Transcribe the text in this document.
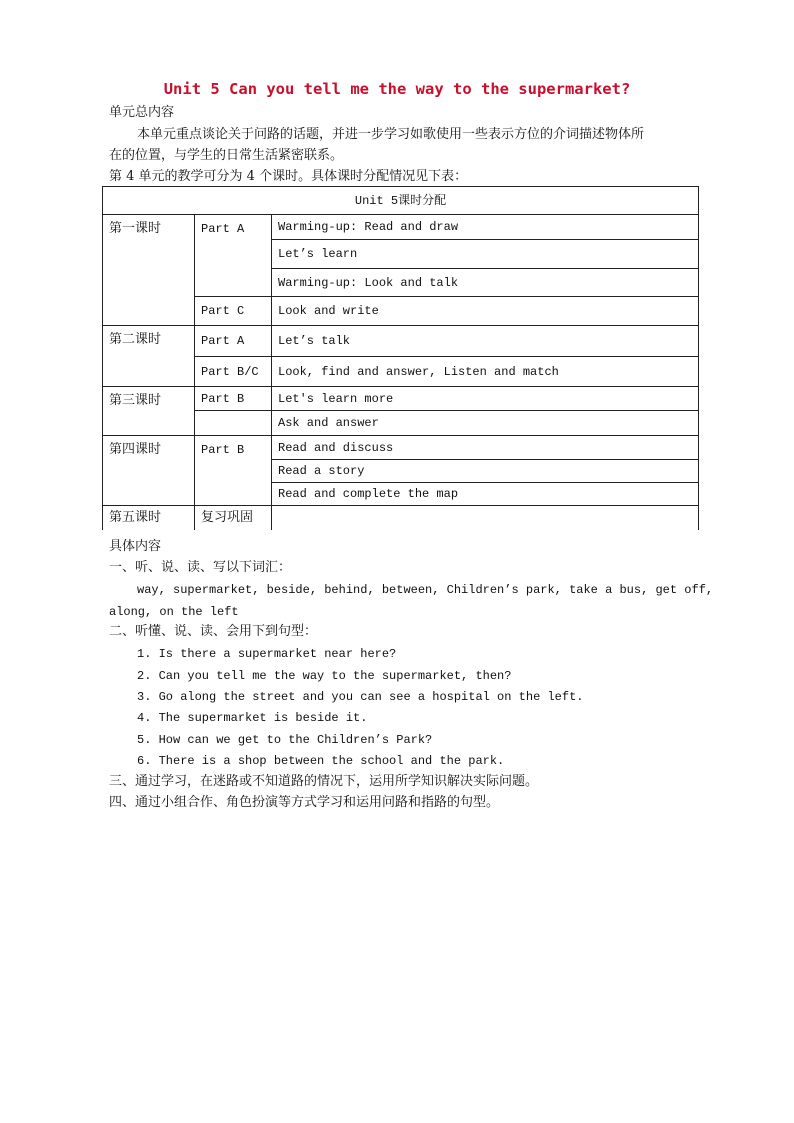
Unit 5 Can you tell me the way to the supermarket?
单元总内容
本单元重点谈论关于问路的话题，并进一步学习如歌使用一些表示方位的介词描述物体所
在的位置，与学生的日常生活紧密联系。
第 4 单元的教学可分为 4 个课时。具体课时分配情况见下表：
Unit 5课时分配		
第一课时	Part A	Warming-up: Read and draw
		Let’s learn
		Warming-up: Look and talk
	Part C	Look and write
第二课时	Part A	Let’s talk
	Part B/C	Look, find and answer, Listen and match
第三课时	Part B	Let's learn more
		Ask and answer
第四课时	Part B	Read and discuss
		Read a story
		Read and complete the map
第五课时	复习巩固	
具体内容
一、听、说、读、写以下词汇：
way, supermarket, beside, behind, between, Children’s park, take a bus, get off,
along, on the left
二、听懂、说、读、会用下到句型：
1. Is there a supermarket near here?
2. Can you tell me the way to the supermarket, then?
3. Go along the street and you can see a hospital on the left.
4. The supermarket is beside it.
5. How can we get to the Children’s Park?
6. There is a shop between the school and the park.
三、通过学习，在迷路或不知道路的情况下，运用所学知识解决实际问题。
四、通过小组合作、角色扮演等方式学习和运用问路和指路的句型。
